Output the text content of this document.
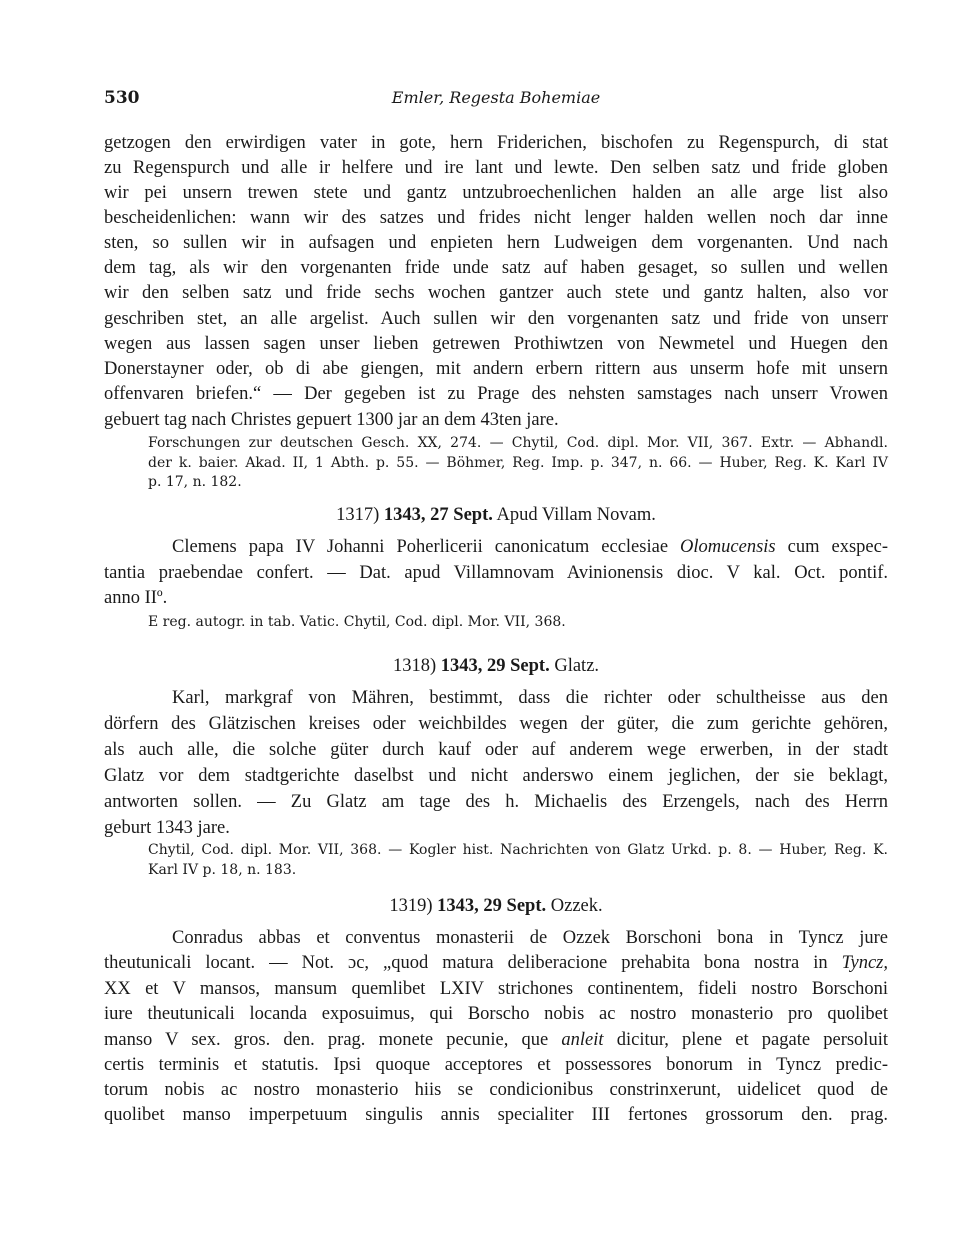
530	Emler, Regesta Bohemiae
getzogen den erwirdigen vater in gote, hern Friderichen, bischofen zu Regenspurch, di stat
zu Regenspurch und alle ir helfere und ire lant und lewte. Den selben satz und fride globen
wir pei unsern trewen stete und gantz untzubroechenlichen halden an alle arge list also
bescheidenlichen: wann wir des satzes und frides nicht lenger halden wellen noch dar inne
sten, so sullen wir in aufsagen und enpieten hern Ludweigen dem vorgenanten. Und nach
dem tag, als wir den vorgenanten fride unde satz auf haben gesaget, so sullen und wellen
wir den selben satz und fride sechs wochen gantzer auch stete und gantz halten, also vor
geschriben stet, an alle argelist. Auch sullen wir den vorgenanten satz und fride von unserr
wegen aus lassen sagen unser lieben getrewen Prothiwtzen von Newmetel und Huegen den
Donerstayner oder, ob di abe giengen, mit andern erbern rittern aus unserm hofe mit unsern
offenvaren briefen.“ — Der gegeben ist zu Prage des nehsten samstages nach unserr Vrowen
gebuert tag nach Christes gepuert 1300 jar an dem 43ten jare.
Forschungen zur deutschen Gesch. XX, 274. — Chytil, Cod. dipl. Mor. VII, 367. Extr. — Abhandl.
der k. baier. Akad. II, 1 Abth. p. 55. — Böhmer, Reg. Imp. p. 347, n. 66. — Huber, Reg. K. Karl IV
p. 17, n. 182.
1317) 1343, 27 Sept. Apud Villam Novam.
Clemens papa IV Johanni Poherlicerii canonicatum ecclesiae Olomucensis cum exspec-
tantia praebendae confert. — Dat. apud Villamnovam Avinionensis dioc. V kal. Oct. pontif.
anno IIº.
E reg. autogr. in tab. Vatic. Chytil, Cod. dipl. Mor. VII, 368.
1318) 1343, 29 Sept. Glatz.
Karl, markgraf von Mähren, bestimmt, dass die richter oder schultheisse aus den
dörfern des Glätzischen kreises oder weichbildes wegen der güter, die zum gerichte gehören,
als auch alle, die solche güter durch kauf oder auf anderem wege erwerben, in der stadt
Glatz vor dem stadtgerichte daselbst und nicht anderswo einem jeglichen, der sie beklagt,
antworten sollen. — Zu Glatz am tage des h. Michaelis des Erzengels, nach des Herrn
geburt 1343 jare.
Chytil, Cod. dipl. Mor. VII, 368. — Kogler hist. Nachrichten von Glatz Urkd. p. 8. — Huber, Reg. K.
Karl IV p. 18, n. 183.
1319) 1343, 29 Sept. Ozzek.
Conradus abbas et conventus monasterii de Ozzek Borschoni bona in Tyncz jure
theutunicali locant. — Not. ɔc, „quod matura deliberacione prehabita bona nostra in Tyncz,
XX et V mansos, mansum quemlibet LXIV strichones continentem, fideli nostro Borschoni
iure theutunicali locanda exposuimus, qui Borscho nobis ac nostro monasterio pro quolibet
manso V sex. gros. den. prag. monete pecunie, que anleit dicitur, plene et pagate persoluit
certis terminis et statutis. Ipsi quoque acceptores et possessores bonorum in Tyncz predic-
torum nobis ac nostro monasterio hiis se condicionibus constrinxerunt, uidelicet quod de
quolibet manso imperpetuum singulis annis specialiter III fertones grossorum den. prag.
